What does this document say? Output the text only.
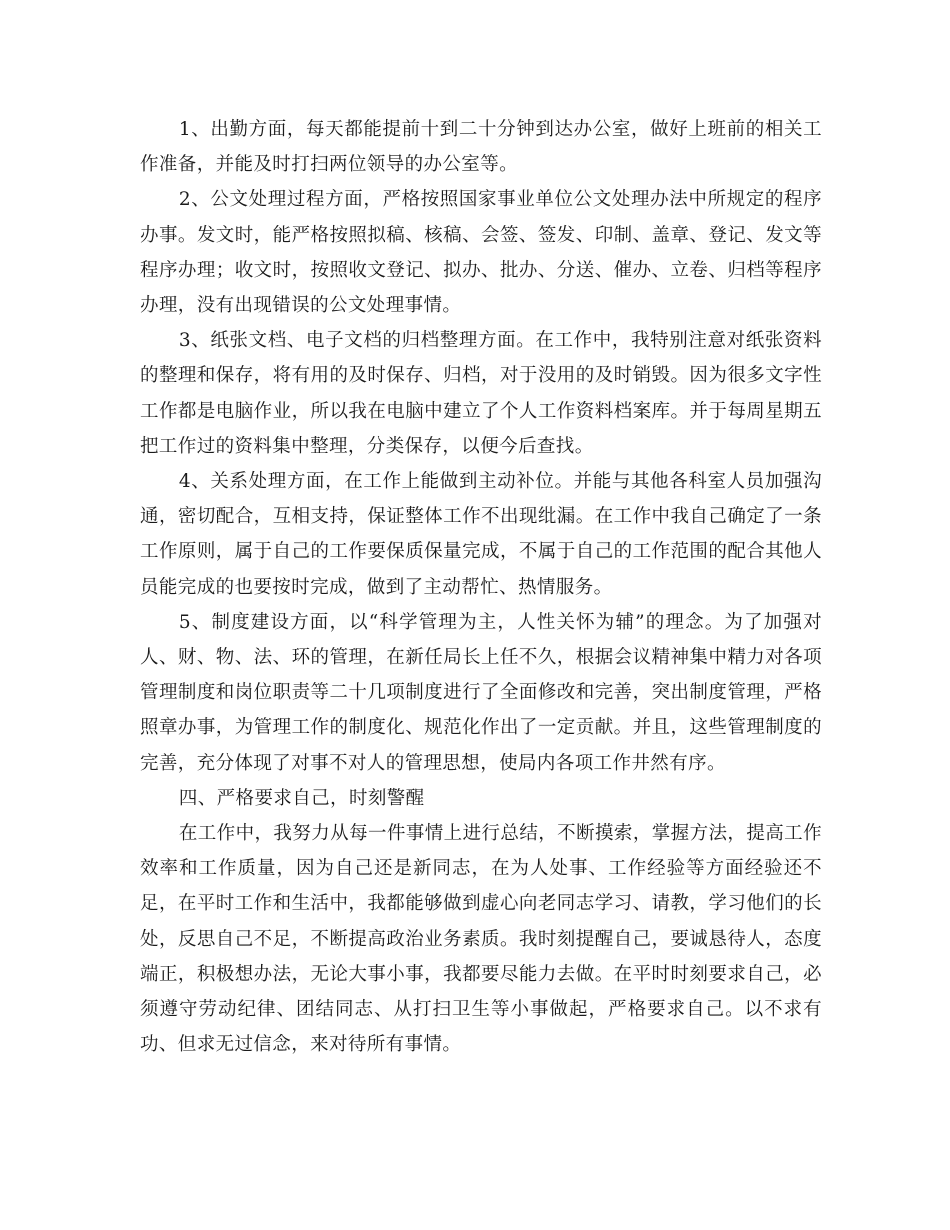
1、出勤方面，每天都能提前十到二十分钟到达办公室，做好上班前的相关工作准备，并能及时打扫两位领导的办公室等。

2、公文处理过程方面，严格按照国家事业单位公文处理办法中所规定的程序办事。发文时，能严格按照拟稿、核稿、会签、签发、印制、盖章、登记、发文等程序办理；收文时，按照收文登记、拟办、批办、分送、催办、立卷、归档等程序办理，没有出现错误的公文处理事情。

3、纸张文档、电子文档的归档整理方面。在工作中，我特别注意对纸张资料的整理和保存，将有用的及时保存、归档，对于没用的及时销毁。因为很多文字性工作都是电脑作业，所以我在电脑中建立了个人工作资料档案库。并于每周星期五把工作过的资料集中整理，分类保存，以便今后查找。

4、关系处理方面，在工作上能做到主动补位。并能与其他各科室人员加强沟通，密切配合，互相支持，保证整体工作不出现纰漏。在工作中我自己确定了一条工作原则，属于自己的工作要保质保量完成，不属于自己的工作范围的配合其他人员能完成的也要按时完成，做到了主动帮忙、热情服务。

5、制度建设方面，以“科学管理为主，人性关怀为辅”的理念。为了加强对人、财、物、法、环的管理，在新任局长上任不久，根据会议精神集中精力对各项管理制度和岗位职责等二十几项制度进行了全面修改和完善，突出制度管理，严格照章办事，为管理工作的制度化、规范化作出了一定贡献。并且，这些管理制度的完善，充分体现了对事不对人的管理思想，使局内各项工作井然有序。

四、严格要求自己，时刻警醒

在工作中，我努力从每一件事情上进行总结，不断摸索，掌握方法，提高工作效率和工作质量，因为自己还是新同志，在为人处事、工作经验等方面经验还不足，在平时工作和生活中，我都能够做到虚心向老同志学习、请教，学习他们的长处，反思自己不足，不断提高政治业务素质。我时刻提醒自己，要诚恳待人，态度端正，积极想办法，无论大事小事，我都要尽能力去做。在平时时刻要求自己，必须遵守劳动纪律、团结同志、从打扫卫生等小事做起，严格要求自己。以不求有功、但求无过信念，来对待所有事情。
